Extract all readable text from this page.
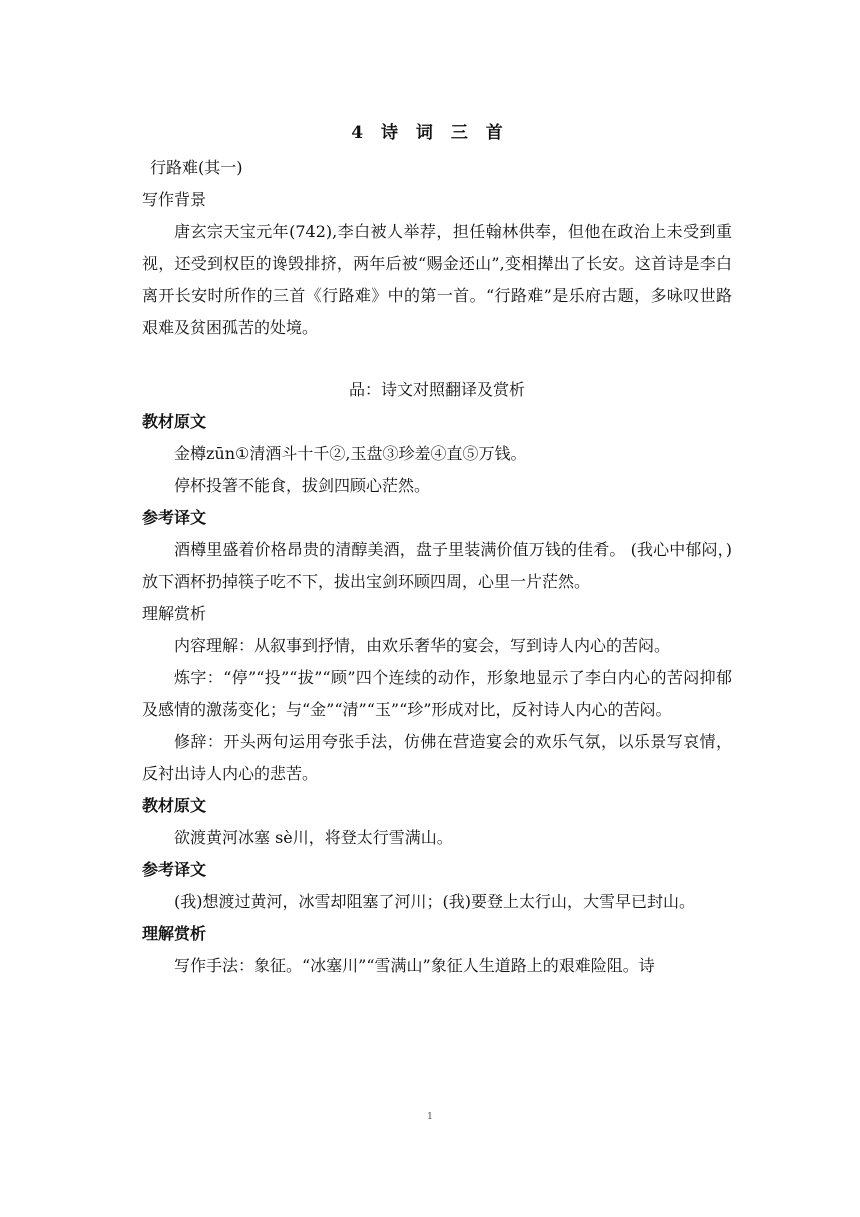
4 诗 词 三 首
行路难(其一)
写作背景
唐玄宗天宝元年(742),李白被人举荐，担任翰林供奉，但他在政治上未受到重视，还受到权臣的谗毁排挤，两年后被“赐金还山”,变相撵出了长安。这首诗是李白离开长安时所作的三首《行路难》中的第一首。“行路难”是乐府古题，多咏叹世路艰难及贫困孤苦的处境。
品：诗文对照翻译及赏析
教材原文
金樽zūn①清酒斗十千②,玉盘③珍羞④直⑤万钱。
停杯投箸不能食，拔剑四顾心茫然。
参考译文
酒樽里盛着价格昂贵的清醇美酒，盘子里装满价值万钱的佳肴。 (我心中郁闷，)放下酒杯扔掉筷子吃不下，拔出宝剑环顾四周，心里一片茫然。
理解赏析
内容理解：从叙事到抒情，由欢乐奢华的宴会，写到诗人内心的苦闷。
炼字：“停”“投”“拔”“顾”四个连续的动作，形象地显示了李白内心的苦闷抑郁及感情的激荡变化；与“金”“清”“玉”“珍”形成对比，反衬诗人内心的苦闷。
修辞：开头两句运用夸张手法，仿佛在营造宴会的欢乐气氛，以乐景写哀情，反衬出诗人内心的悲苦。
教材原文
欲渡黄河冰塞 sè川，将登太行雪满山。
参考译文
(我)想渡过黄河，冰雪却阻塞了河川；(我)要登上太行山，大雪早已封山。
理解赏析
写作手法：象征。“冰塞川”“雪满山”象征人生道路上的艰难险阻。诗
1
